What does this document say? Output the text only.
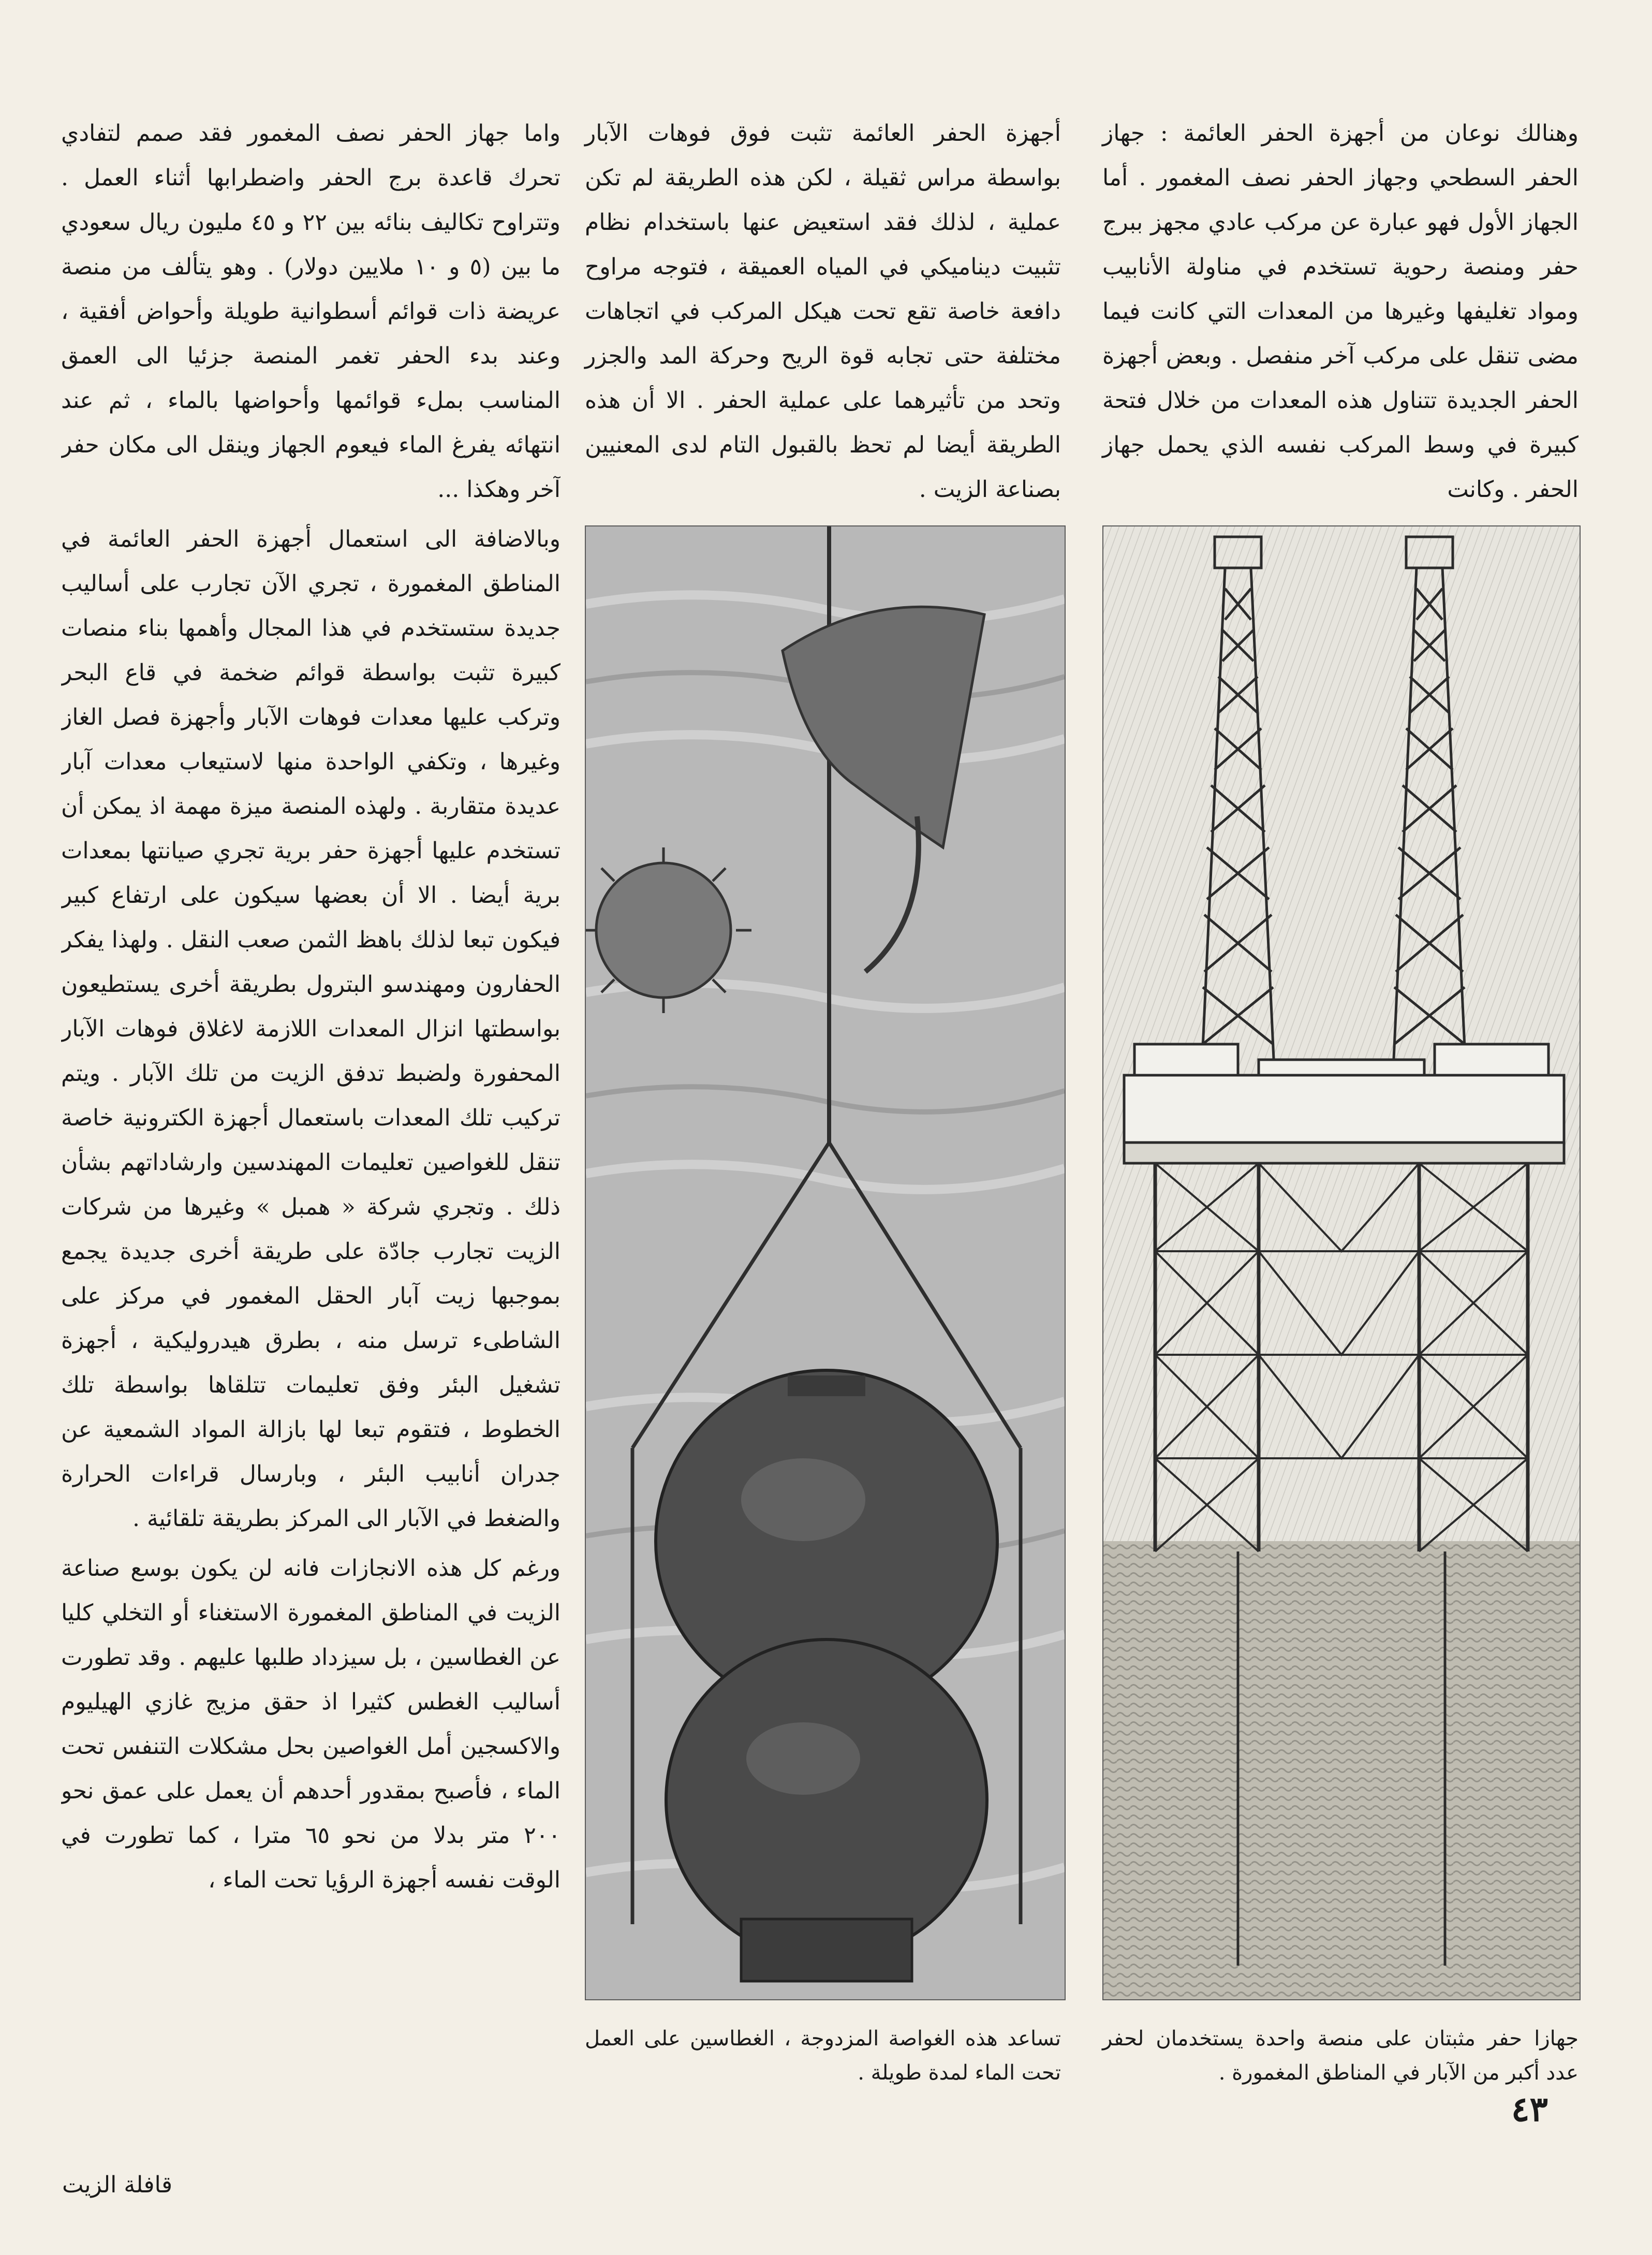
وهنالك نوعان من أجهزة الحفر العائمة : جهاز الحفر السطحي وجهاز الحفر نصف المغمور . أما الجهاز الأول فهو عبارة عن مركب عادي مجهز ببرج حفر ومنصة رحوية تستخدم في مناولة الأنابيب ومواد تغليفها وغيرها من المعدات التي كانت فيما مضى تنقل على مركب آخر منفصل . وبعض أجهزة الحفر الجديدة تتناول هذه المعدات من خلال فتحة كبيرة في وسط المركب نفسه الذي يحمل جهاز الحفر . وكانت

أجهزة الحفر العائمة تثبت فوق فوهات الآبار بواسطة مراس ثقيلة ، لكن هذه الطريقة لم تكن عملية ، لذلك فقد استعيض عنها باستخدام نظام تثبيت ديناميكي في المياه العميقة ، فتوجه مراوح دافعة خاصة تقع تحت هيكل المركب في اتجاهات مختلفة حتى تجابه قوة الريح وحركة المد والجزر وتحد من تأثيرهما على عملية الحفر . الا أن هذه الطريقة أيضا لم تحظ بالقبول التام لدى المعنيين بصناعة الزيت .

واما جهاز الحفر نصف المغمور فقد صمم لتفادي تحرك قاعدة برج الحفر واضطرابها أثناء العمل . وتتراوح تكاليف بنائه بين ٢٢ و ٤٥ مليون ريال سعودي ما بين (٥ و ١٠ ملايين دولار) . وهو يتألف من منصة عريضة ذات قوائم أسطوانية طويلة وأحواض أفقية ، وعند بدء الحفر تغمر المنصة جزئيا الى العمق المناسب بملء قوائمها وأحواضها بالماء ، ثم عند انتهائه يفرغ الماء فيعوم الجهاز وينقل الى مكان حفر آخر وهكذا ...

وبالاضافة الى استعمال أجهزة الحفر العائمة في المناطق المغمورة ، تجري الآن تجارب على أساليب جديدة ستستخدم في هذا المجال وأهمها بناء منصات كبيرة تثبت بواسطة قوائم ضخمة في قاع البحر وتركب عليها معدات فوهات الآبار وأجهزة فصل الغاز وغيرها ، وتكفي الواحدة منها لاستيعاب معدات آبار عديدة متقاربة . ولهذه المنصة ميزة مهمة اذ يمكن أن تستخدم عليها أجهزة حفر برية تجري صيانتها بمعدات برية أيضا . الا أن بعضها سيكون على ارتفاع كبير فيكون تبعا لذلك باهظ الثمن صعب النقل . ولهذا يفكر الحفارون ومهندسو البترول بطريقة أخرى يستطيعون بواسطتها انزال المعدات اللازمة لاغلاق فوهات الآبار المحفورة ولضبط تدفق الزيت من تلك الآبار . ويتم تركيب تلك المعدات باستعمال أجهزة الكترونية خاصة تنقل للغواصين تعليمات المهندسين وارشاداتهم بشأن ذلك . وتجري شركة « همبل » وغيرها من شركات الزيت تجارب جادّة على طريقة أخرى جديدة يجمع بموجبها زيت آبار الحقل المغمور في مركز على الشاطىء ترسل منه ، بطرق هيدروليكية ، أجهزة تشغيل البئر وفق تعليمات تتلقاها بواسطة تلك الخطوط ، فتقوم تبعا لها بازالة المواد الشمعية عن جدران أنابيب البئر ، وبارسال قراءات الحرارة والضغط في الآبار الى المركز بطريقة تلقائية .

ورغم كل هذه الانجازات فانه لن يكون بوسع صناعة الزيت في المناطق المغمورة الاستغناء أو التخلي كليا عن الغطاسين ، بل سيزداد طلبها عليهم . وقد تطورت أساليب الغطس كثيرا اذ حقق مزيج غازي الهيليوم والاكسجين أمل الغواصين بحل مشكلات التنفس تحت الماء ، فأصبح بمقدور أحدهم أن يعمل على عمق نحو ٢٠٠ متر بدلا من نحو ٦٥ مترا ، كما تطورت في الوقت نفسه أجهزة الرؤيا تحت الماء ،

جهازا حفر مثبتان على منصة واحدة يستخدمان لحفر عدد أكبر من الآبار في المناطق المغمورة .
تساعد هذه الغواصة المزدوجة ، الغطاسين على العمل تحت الماء لمدة طويلة .
٤٣
قافلة الزيت
